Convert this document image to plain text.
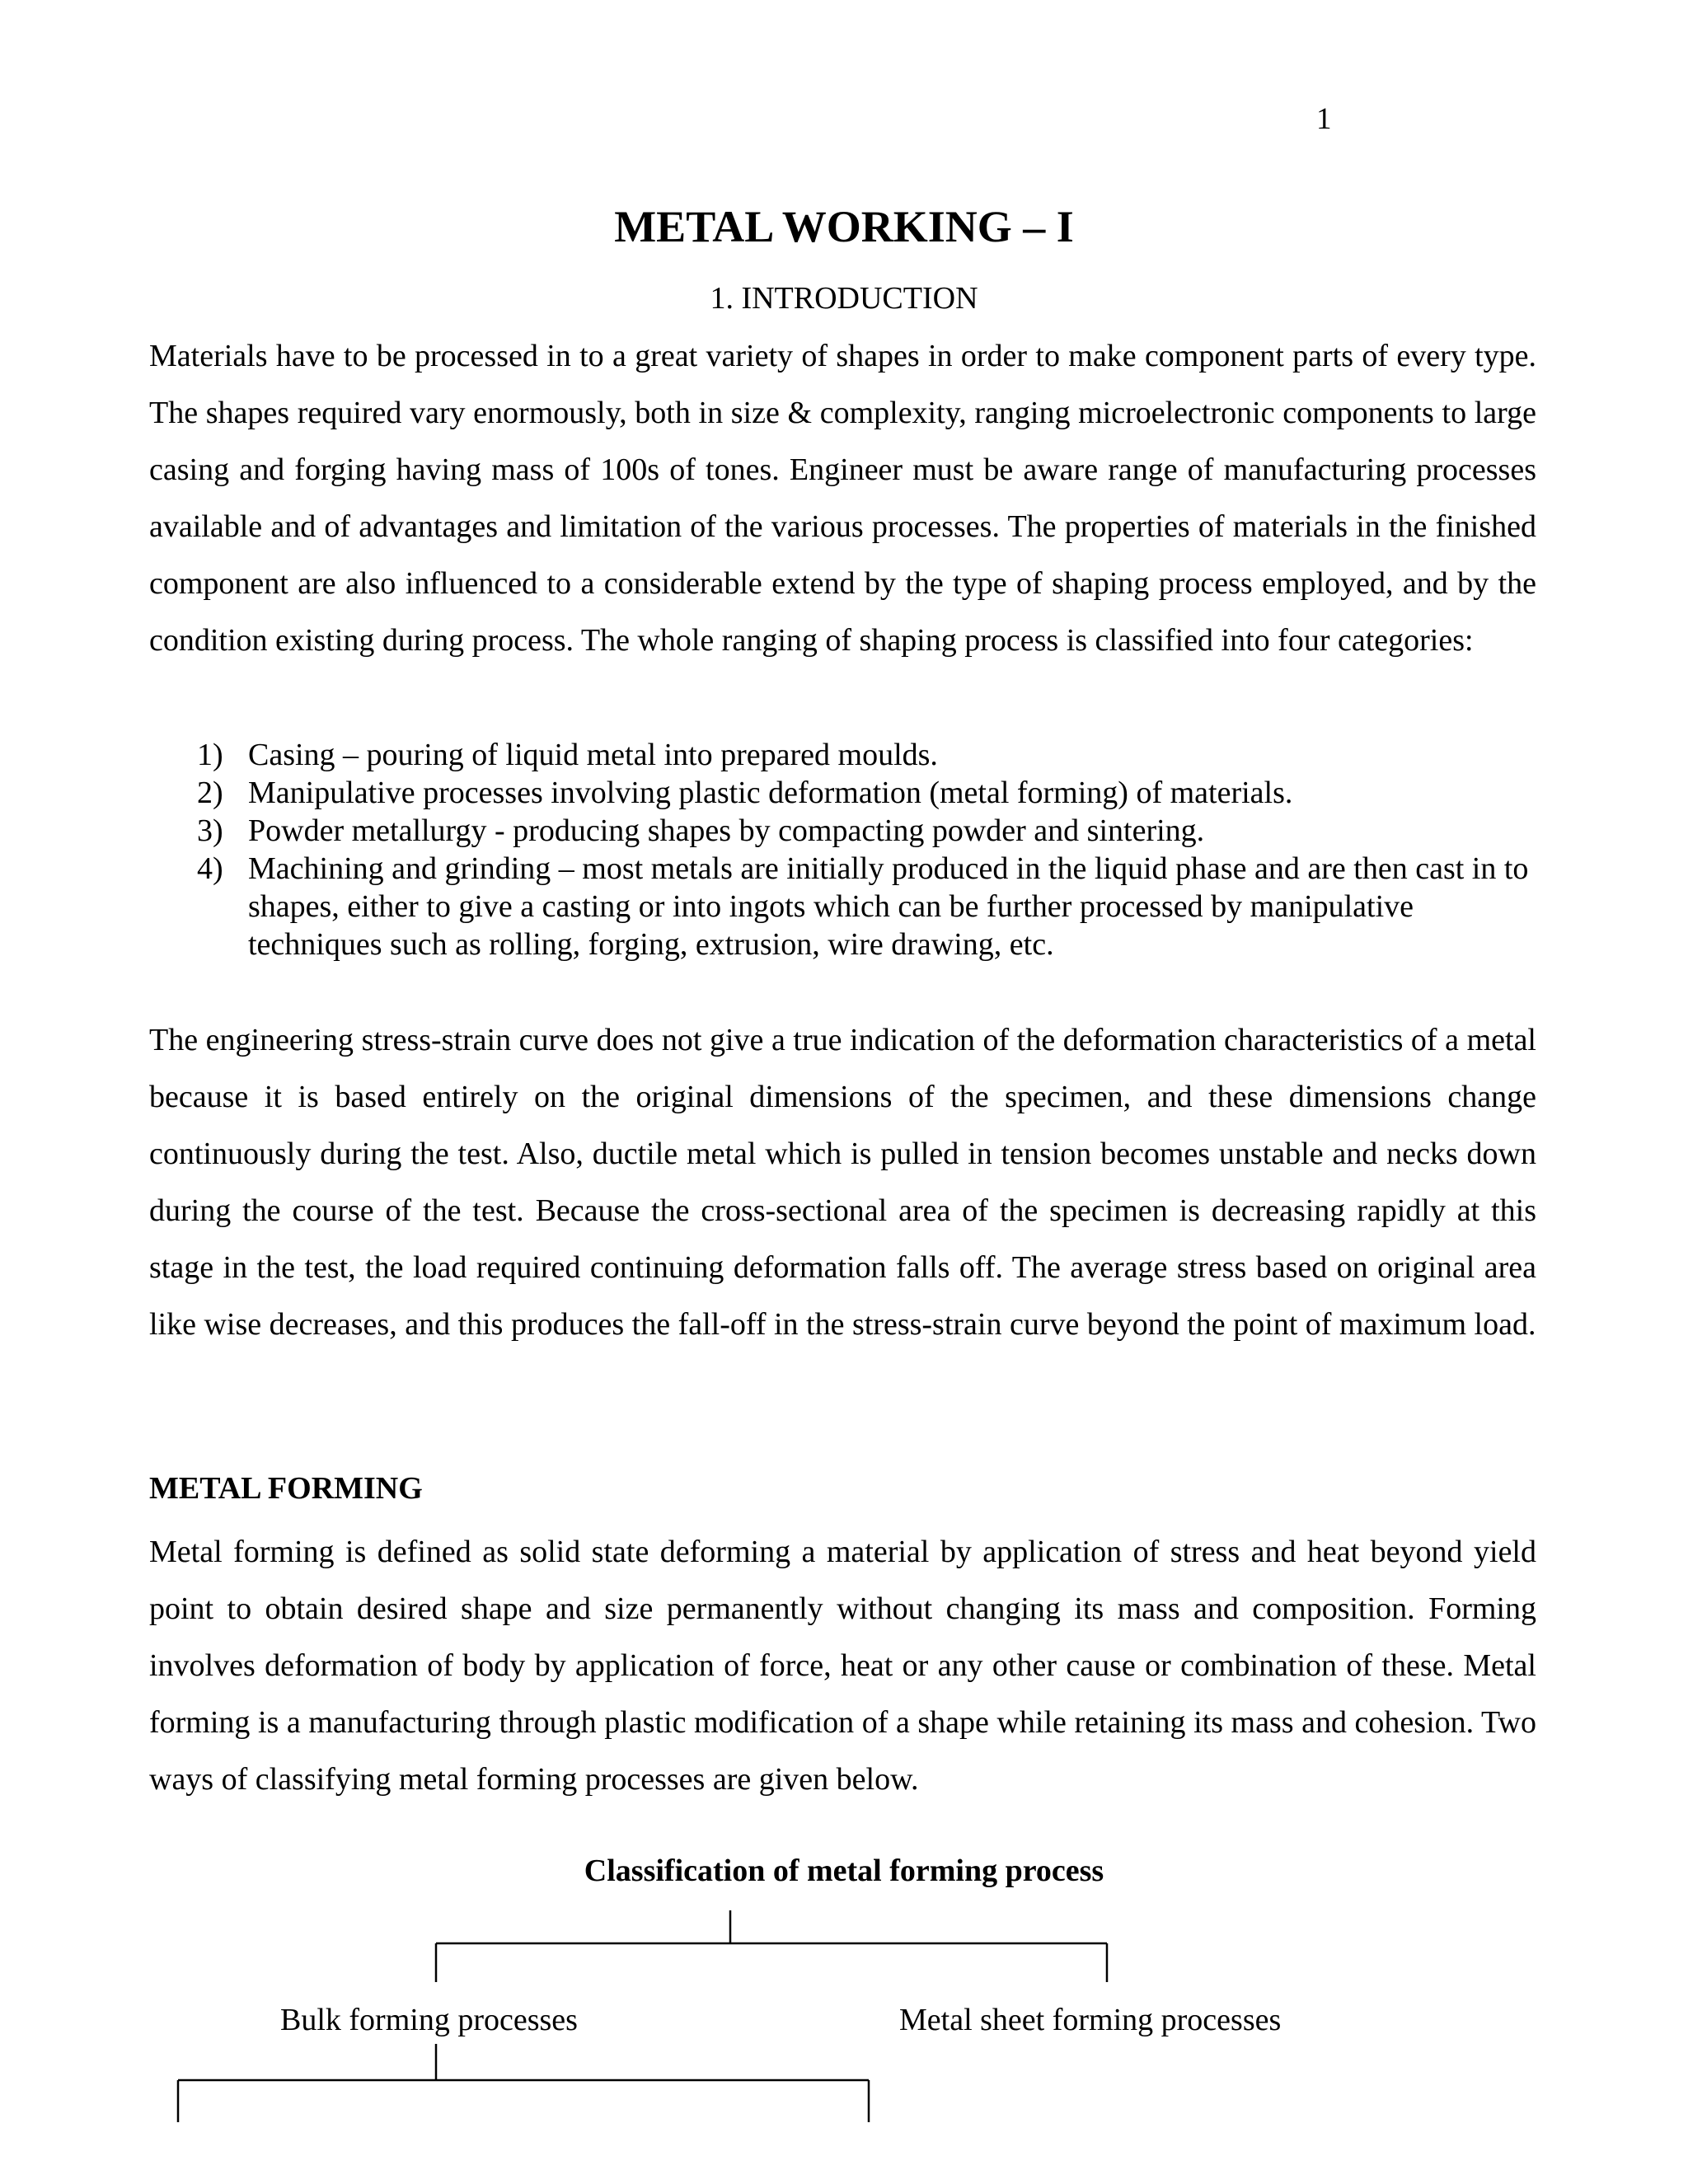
1
METAL WORKING – I
1. INTRODUCTION

Materials have to be processed in to a great variety of shapes in order to make component parts of every type. The shapes required vary enormously, both in size & complexity, ranging microelectronic components to large casing and forging having mass of 100s of tones. Engineer must be aware range of manufacturing processes available and of advantages and limitation of the various processes. The properties of materials in the finished component are also influenced to a considerable extend by the type of shaping process employed, and by the condition existing during process. The whole ranging of shaping process is classified into four categories:

1) Casing – pouring of liquid metal into prepared moulds.
2) Manipulative processes involving plastic deformation (metal forming) of materials.
3) Powder metallurgy - producing shapes by compacting powder and sintering.
4) Machining and grinding – most metals are initially produced in the liquid phase and are then cast in to shapes, either to give a casting or into ingots which can be further processed by manipulative techniques such as rolling, forging, extrusion, wire drawing, etc.

The engineering stress-strain curve does not give a true indication of the deformation characteristics of a metal because it is based entirely on the original dimensions of the specimen, and these dimensions change continuously during the test. Also, ductile metal which is pulled in tension becomes unstable and necks down during the course of the test. Because the cross-sectional area of the specimen is decreasing rapidly at this stage in the test, the load required continuing deformation falls off. The average stress based on original area like wise decreases, and this produces the fall-off in the stress-strain curve beyond the point of maximum load.

METAL FORMING

Metal forming is defined as solid state deforming a material by application of stress and heat beyond yield point to obtain desired shape and size permanently without changing its mass and composition. Forming involves deformation of body by application of force, heat or any other cause or combination of these. Metal forming is a manufacturing through plastic modification of a shape while retaining its mass and cohesion. Two ways of classifying metal forming processes are given below.

Classification of metal forming process
Bulk forming processes	Metal sheet forming processes
